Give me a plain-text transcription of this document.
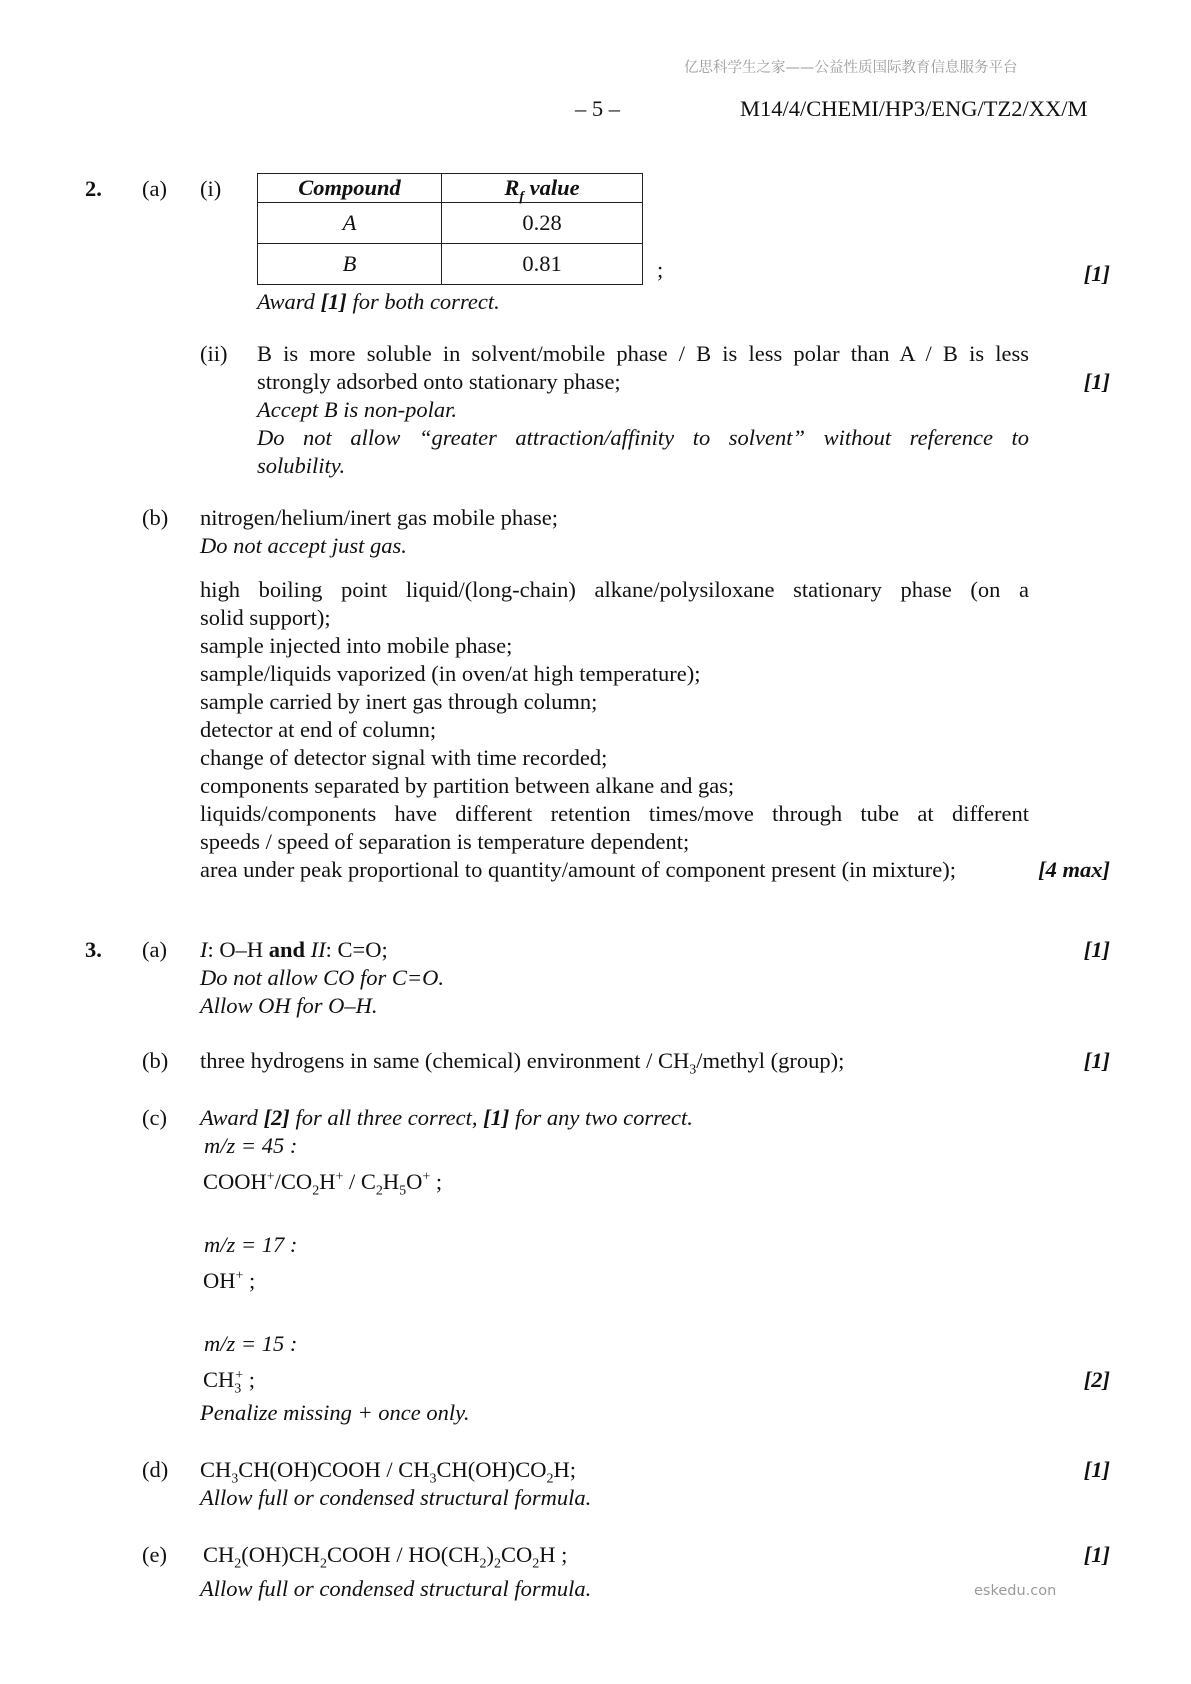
亿思科学生之家——公益性质国际教育信息服务平台
– 5 –	M14/4/CHEMI/HP3/ENG/TZ2/XX/M
2. (a) (i)	Compound	$R_f$ value
A	0.28
B	0.81	;	[1]
Award [1] for both correct.
(ii) B is more soluble in solvent/mobile phase / B is less polar than A / B is less
strongly adsorbed onto stationary phase;	[1]
Accept B is non-polar.
Do not allow “greater attraction/affinity to solvent” without reference to
solubility.
(b) nitrogen/helium/inert gas mobile phase;
Do not accept just gas.
high boiling point liquid/(long-chain) alkane/polysiloxane stationary phase (on a
solid support);
sample injected into mobile phase;
sample/liquids vaporized (in oven/at high temperature);
sample carried by inert gas through column;
detector at end of column;
change of detector signal with time recorded;
components separated by partition between alkane and gas;
liquids/components have different retention times/move through tube at different
speeds / speed of separation is temperature dependent;
area under peak proportional to quantity/amount of component present (in mixture);	[4 max]
3. (a) I: O–H and II: C=O;	[1]
Do not allow CO for C=O.
Allow OH for O–H.
(b) three hydrogens in same (chemical) environment / $CH_3$/methyl (group);	[1]
(c) Award [2] for all three correct, [1] for any two correct.
m/z = 45 :
$COOH^+/CO_2H^+ / C_2H_5O^+$ ;
m/z = 17 :
OH+ ;
m/z = 15 :
$CH_3^+$ ;	[2]
Penalize missing + once only.
(d) $CH_3CH(OH)COOH / CH_3CH(OH)CO_2H$;	[1]
Allow full or condensed structural formula.
(e) $CH_2(OH)CH_2COOH / HO(CH_2)_2CO_2H$ ;	[1]
Allow full or condensed structural formula.	eskedu.con
